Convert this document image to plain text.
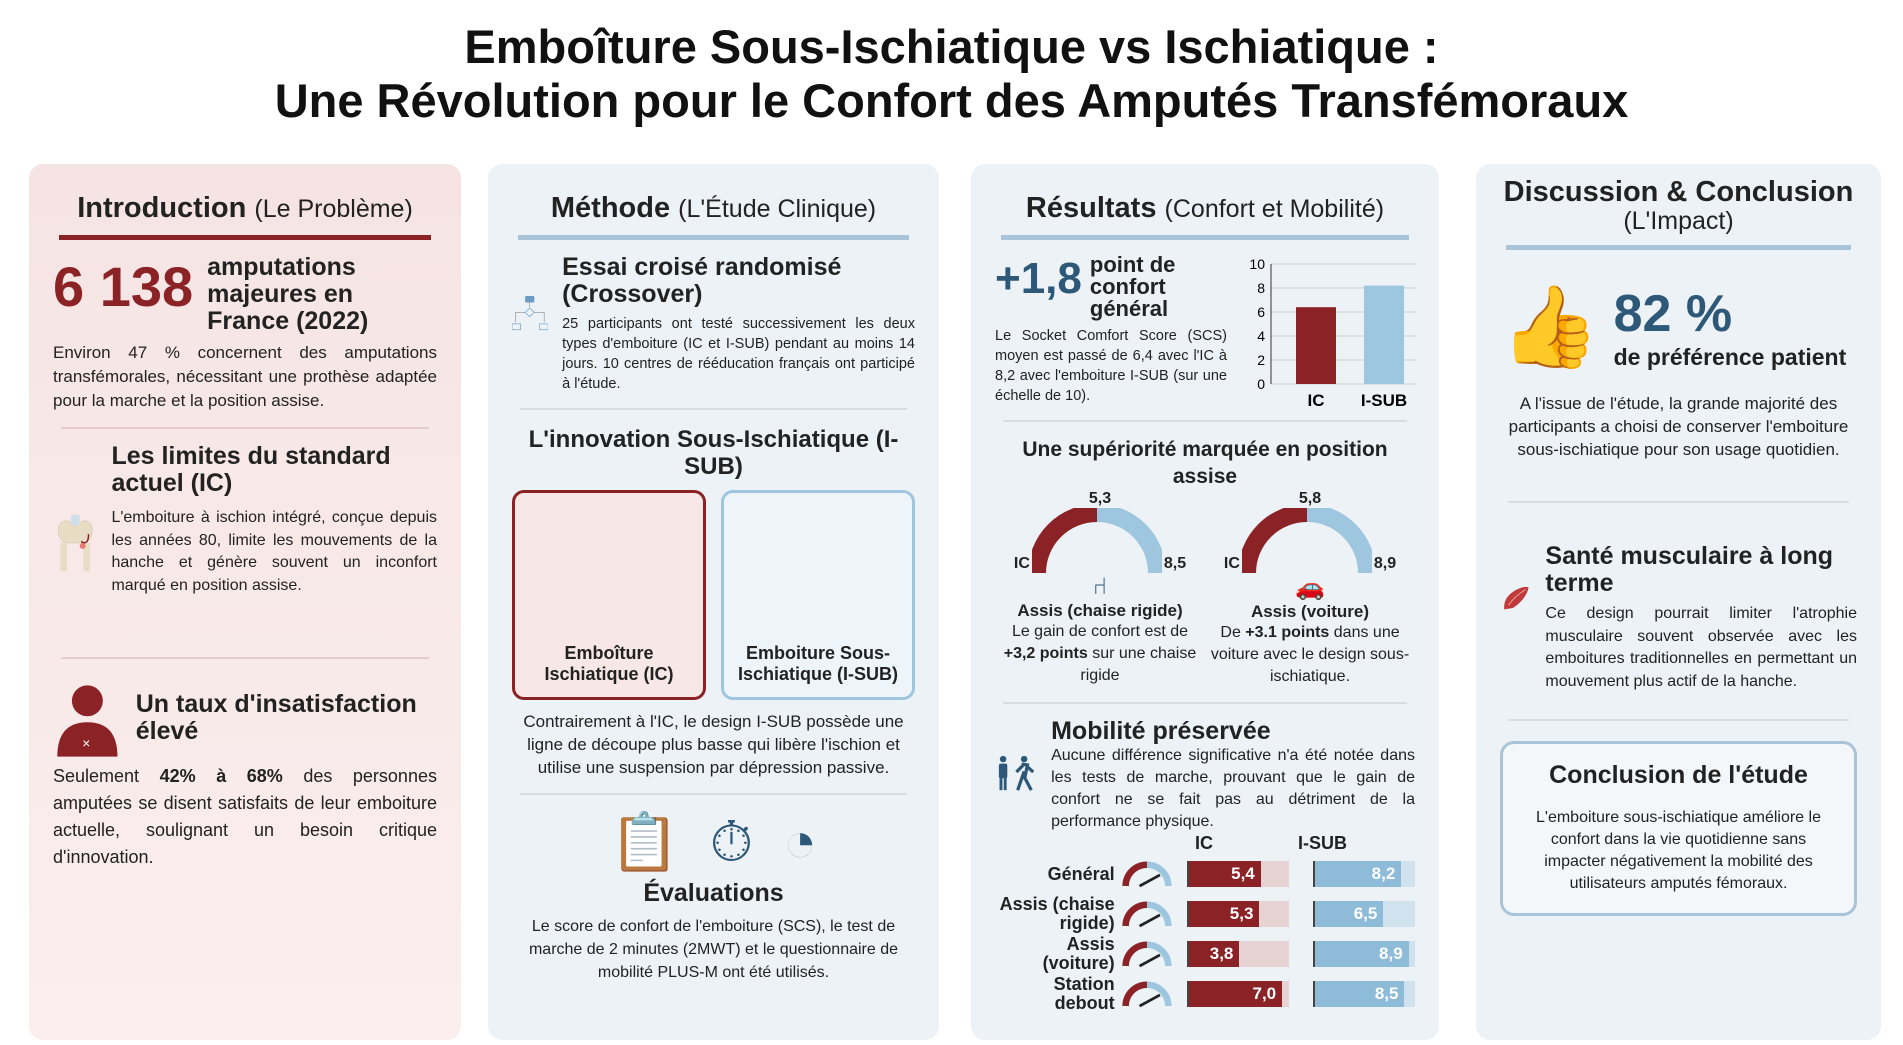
Emboîture Sous-Ischiatique vs Ischiatique :
Une Révolution pour le Confort des Amputés Transfémoraux
Introduction (Le Problème)
6 138 amputations majeures en France (2022)

Environ 47 % concernent des amputations transfémorales, nécessitant une prothèse adaptée pour la marche et la position assise.

Les limites du standard actuel (IC)

L'emboiture à ischion intégré, conçue depuis les années 80, limite les mouvements de la hanche et génère souvent un inconfort marqué en position assise.

×
Un taux d'insatisfaction élevé

Seulement 42% à 68% des personnes amputées se disent satisfaits de leur emboiture actuelle, soulignant un besoin critique d'innovation.

Méthode (L'Étude Clinique)
Essai croisé randomisé (Crossover)

25 participants ont testé successivement les deux types d'emboiture (IC et I-SUB) pendant au moins 14 jours. 10 centres de rééducation français ont participé à l'étude.

L'innovation Sous-Ischiatique (I-SUB)
Emboîture Ischiatique (IC)
Emboiture Sous-Ischiatique (I-SUB)

Contrairement à l'IC, le design I-SUB possède une ligne de découpe plus basse qui libère l'ischion et utilise une suspension par dépression passive.

📋 ⏱ ◔
Évaluations

Le score de confort de l'emboiture (SCS), le test de marche de 2 minutes (2MWT) et le questionnaire de mobilité PLUS-M ont été utilisés.

Résultats (Confort et Mobilité)
+1,8 point de confort général

Le Socket Comfort Score (SCS) moyen est passé de 6,4 avec l'IC à 8,2 avec l'emboiture I-SUB (sur une échelle de 10).

0
2
4
6
8
10
IC I-SUB
Une supériorité marquée en position assise
5,3
IC	8,5
⑁
Assis (chaise rigide)

Le gain de confort est de +3,2 points sur une chaise rigide

5,8
IC	8,9
🚗
Assis (voiture)

De +3.1 points dans une voiture avec le design sous-ischiatique.

Mobilité préservée

Aucune différence significative n'a été notée dans les tests de marche, prouvant que le gain de confort ne se fait pas au détriment de la performance physique.

IC	I-SUB
Général	5,4	8,2
Assis (chaise rigide)	5,3	6,5
Assis (voiture)	3,8	8,9
Station debout	7,0	8,5
Discussion & Conclusion
(L'Impact)
👍 82 %
de préférence patient

A l'issue de l'étude, la grande majorité des participants a choisi de conserver l'emboiture sous-ischiatique pour son usage quotidien.

Santé musculaire à long terme

Ce design pourrait limiter l'atrophie musculaire souvent observée avec les emboitures traditionnelles en permettant un mouvement plus actif de la hanche.

Conclusion de l'étude

L'emboiture sous-ischiatique améliore le confort dans la vie quotidienne sans impacter négativement la mobilité des utilisateurs amputés fémoraux.
